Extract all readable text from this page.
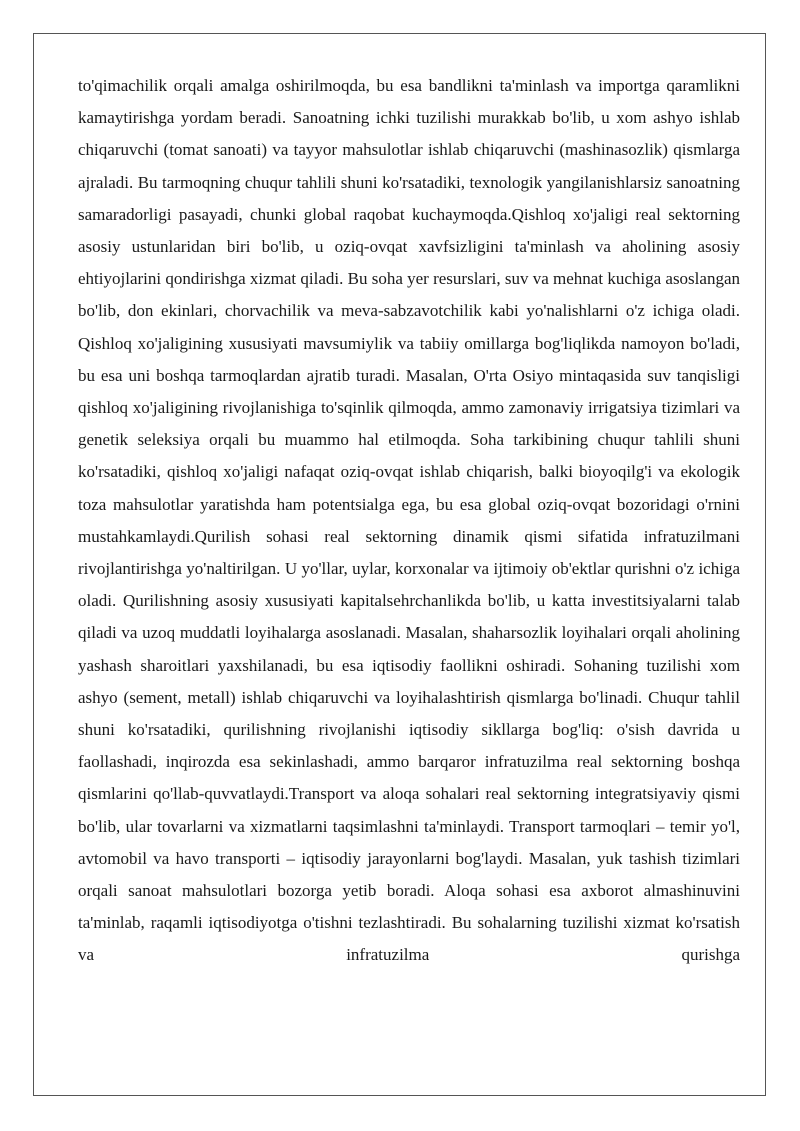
to'qimachilik orqali amalga oshirilmoqda, bu esa bandlikni ta'minlash va importga qaramlikni kamaytirishga yordam beradi. Sanoatning ichki tuzilishi murakkab bo'lib, u xom ashyo ishlab chiqaruvchi (tomat sanoati) va tayyor mahsulotlar ishlab chiqaruvchi (mashinasozlik) qismlarga ajraladi. Bu tarmoqning chuqur tahlili shuni ko'rsatadiki, texnologik yangilanishlarsiz sanoatning samaradorligi pasayadi, chunki global raqobat kuchaymoqda.Qishloq xo'jaligi real sektorning asosiy ustunlaridan biri bo'lib, u oziq-ovqat xavfsizligini ta'minlash va aholining asosiy ehtiyojlarini qondirishga xizmat qiladi. Bu soha yer resurslari, suv va mehnat kuchiga asoslangan bo'lib, don ekinlari, chorvachilik va meva-sabzavotchilik kabi yo'nalishlarni o'z ichiga oladi. Qishloq xo'jaligining xususiyati mavsumiylik va tabiiy omillarga bog'liqlikda namoyon bo'ladi, bu esa uni boshqa tarmoqlardan ajratib turadi. Masalan, O'rta Osiyo mintaqasida suv tanqisligi qishloq xo'jaligining rivojlanishiga to'sqinlik qilmoqda, ammo zamonaviy irrigatsiya tizimlari va genetik seleksiya orqali bu muammo hal etilmoqda. Soha tarkibining chuqur tahlili shuni ko'rsatadiki, qishloq xo'jaligi nafaqat oziq-ovqat ishlab chiqarish, balki bioyoqilg'i va ekologik toza mahsulotlar yaratishda ham potentsialga ega, bu esa global oziq-ovqat bozoridagi o'rnini mustahkamlaydi.Qurilish sohasi real sektorning dinamik qismi sifatida infratuzilmani rivojlantirishga yo'naltirilgan. U yo'llar, uylar, korxonalar va ijtimoiy ob'ektlar qurishni o'z ichiga oladi. Qurilishning asosiy xususiyati kapitalsehrchanlikda bo'lib, u katta investitsiyalarni talab qiladi va uzoq muddatli loyihalarga asoslanadi. Masalan, shaharsozlik loyihalari orqali aholining yashash sharoitlari yaxshilanadi, bu esa iqtisodiy faollikni oshiradi. Sohaning tuzilishi xom ashyo (sement, metall) ishlab chiqaruvchi va loyihalashtirish qismlarga bo'linadi. Chuqur tahlil shuni ko'rsatadiki, qurilishning rivojlanishi iqtisodiy sikllarga bog'liq: o'sish davrida u faollashadi, inqirozda esa sekinlashadi, ammo barqaror infratuzilma real sektorning boshqa qismlarini qo'llab-quvvatlaydi.Transport va aloqa sohalari real sektorning integratsiyaviy qismi bo'lib, ular tovarlarni va xizmatlarni taqsimlashni ta'minlaydi. Transport tarmoqlari – temir yo'l, avtomobil va havo transporti – iqtisodiy jarayonlarni bog'laydi. Masalan, yuk tashish tizimlari orqali sanoat mahsulotlari bozorga yetib boradi. Aloqa sohasi esa axborot almashinuvini ta'minlab, raqamli iqtisodiyotga o'tishni tezlashtiradi. Bu sohalarning tuzilishi xizmat ko'rsatish va infratuzilma qurishga
